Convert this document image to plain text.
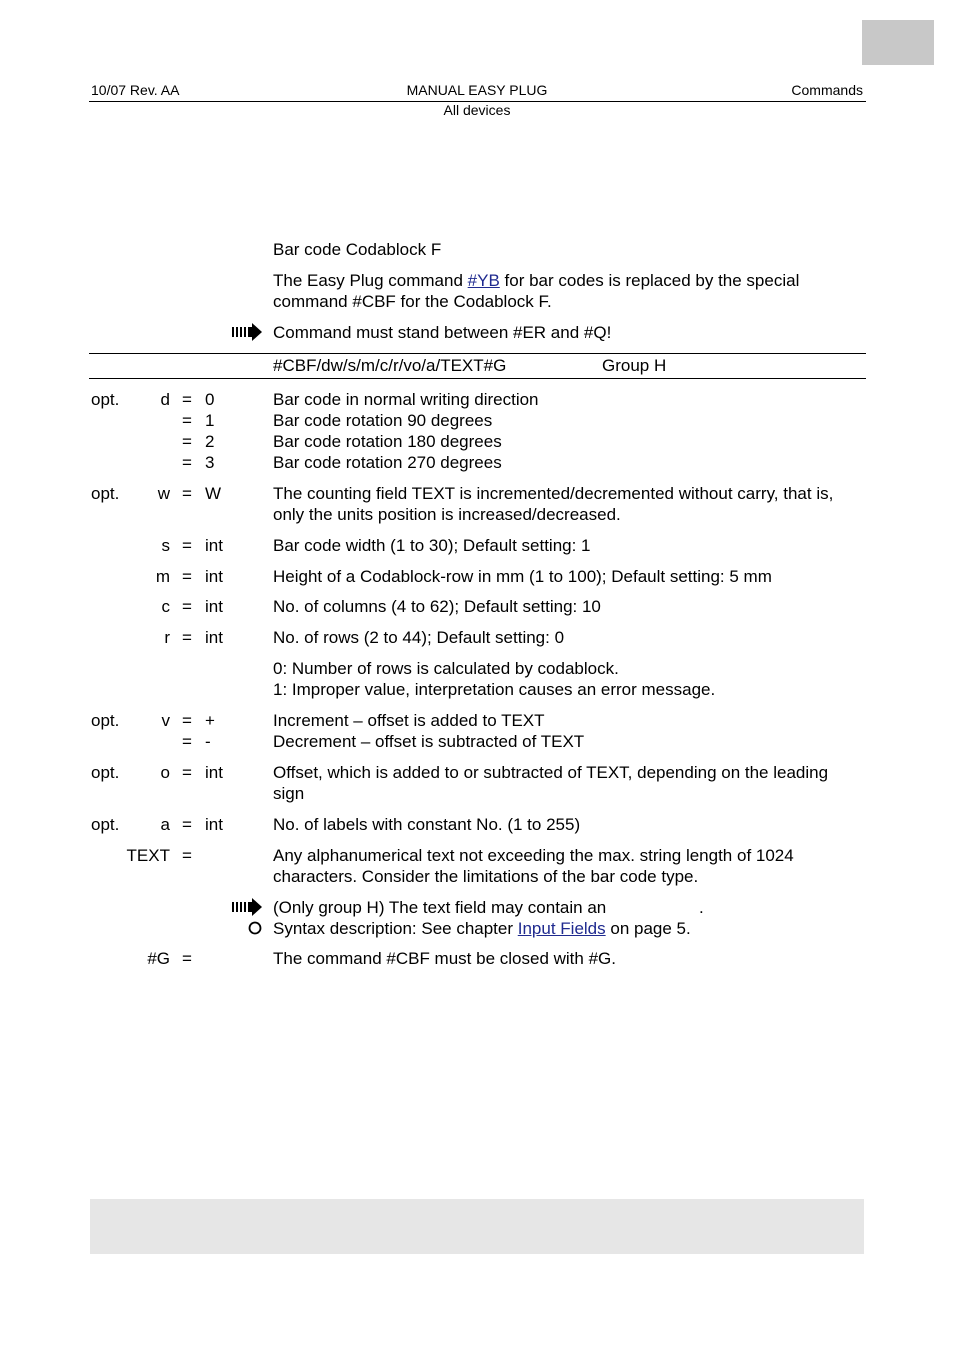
10/07 Rev. AA	MANUAL EASY PLUG	Commands
All devices
Bar code Codablock F
The Easy Plug command #YB for bar codes is replaced by the special command #CBF for the Codablock F.
Command must stand between #ER and #Q!
#CBF/dw/s/m/c/r/vo/a/TEXT#G	Group H
opt.	d = 0	Bar code in normal writing direction
= 1	Bar code rotation 90 degrees
= 2	Bar code rotation 180 degrees
= 3	Bar code rotation 270 degrees
opt.	w = W	The counting field TEXT is incremented/decremented without carry, that is, only the units position is increased/decreased.
s = int	Bar code width (1 to 30); Default setting: 1
m = int	Height of a Codablock-row in mm (1 to 100); Default setting: 5 mm
c = int	No. of columns (4 to 62); Default setting: 10
r = int	No. of rows (2 to 44); Default setting: 0
0: Number of rows is calculated by codablock.
1: Improper value, interpretation causes an error message.
opt.	v = +	Increment – offset is added to TEXT
= -	Decrement – offset is subtracted of TEXT
opt.	o = int	Offset, which is added to or subtracted of TEXT, depending on the leading sign
opt.	a = int	No. of labels with constant No. (1 to 255)
TEXT =	Any alphanumerical text not exceeding the max. string length of 1024 characters. Consider the limitations of the bar code type.
(Only group H) The text field may contain an	.
Syntax description: See chapter Input Fields on page 5.
#G =	The command #CBF must be closed with #G.
